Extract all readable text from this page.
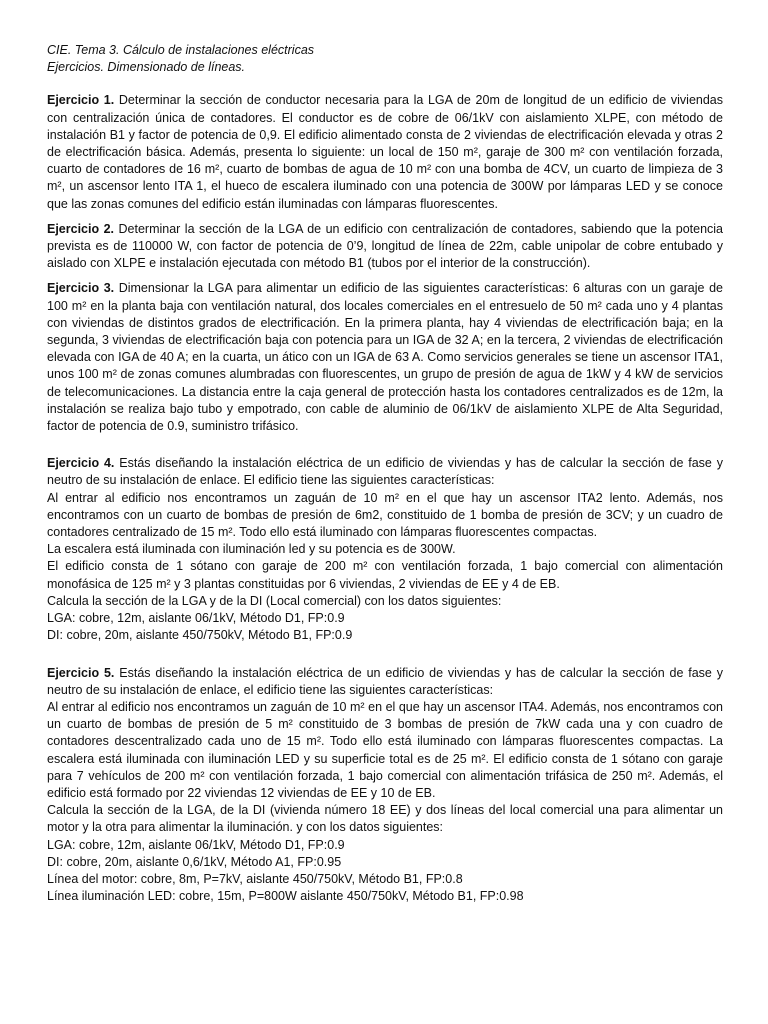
CIE. Tema 3. Cálculo de instalaciones eléctricas
Ejercicios. Dimensionado de líneas.

Ejercicio 1. Determinar la sección de conductor necesaria para la LGA de 20m de longitud de un edificio de viviendas con centralización única de contadores. El conductor es de cobre de 06/1kV con aislamiento XLPE, con método de instalación B1 y factor de potencia de 0,9. El edificio alimentado consta de 2 viviendas de electrificación elevada y otras 2 de electrificación básica. Además, presenta lo siguiente: un local de 150 m², garaje de 300 m² con ventilación forzada, cuarto de contadores de 16 m², cuarto de bombas de agua de 10 m² con una bomba de 4CV, un cuarto de limpieza de 3 m², un ascensor lento ITA 1, el hueco de escalera iluminado con una potencia de 300W por lámparas LED y se conoce que las zonas comunes del edificio están iluminadas con lámparas fluorescentes.

Ejercicio 2. Determinar la sección de la LGA de un edificio con centralización de contadores, sabiendo que la potencia prevista es de 110000 W, con factor de potencia de 0’9, longitud de línea de 22m, cable unipolar de cobre entubado y aislado con XLPE e instalación ejecutada con método B1 (tubos por el interior de la construcción).

Ejercicio 3. Dimensionar la LGA para alimentar un edificio de las siguientes características: 6 alturas con un garaje de 100 m² en la planta baja con ventilación natural, dos locales comerciales en el entresuelo de 50 m² cada uno y 4 plantas con viviendas de distintos grados de electrificación. En la primera planta, hay 4 viviendas de electrificación baja; en la segunda, 3 viviendas de electrificación baja con potencia para un IGA de 32 A; en la tercera, 2 viviendas de electrificación elevada con IGA de 40 A; en la cuarta, un ático con un IGA de 63 A. Como servicios generales se tiene un ascensor ITA1, unos 100 m² de zonas comunes alumbradas con fluorescentes, un grupo de presión de agua de 1kW y 4 kW de servicios de telecomunicaciones. La distancia entre la caja general de protección hasta los contadores centralizados es de 12m, la instalación se realiza bajo tubo y empotrado, con cable de aluminio de 06/1kV de aislamiento XLPE de Alta Seguridad, factor de potencia de 0.9, suministro trifásico.

Ejercicio 4. Estás diseñando la instalación eléctrica de un edificio de viviendas y has de calcular la sección de fase y neutro de su instalación de enlace. El edificio tiene las siguientes características:

Al entrar al edificio nos encontramos un zaguán de 10 m² en el que hay un ascensor ITA2 lento. Además, nos encontramos con un cuarto de bombas de presión de 6m2, constituido de 1 bomba de presión de 3CV; y un cuadro de contadores centralizado de 15 m². Todo ello está iluminado con lámparas fluorescentes compactas.

La escalera está iluminada con iluminación led y su potencia es de 300W.

El edificio consta de 1 sótano con garaje de 200 m² con ventilación forzada, 1 bajo comercial con alimentación monofásica de 125 m² y 3 plantas constituidas por 6 viviendas, 2 viviendas de EE y 4 de EB.

Calcula la sección de la LGA y de la DI (Local comercial) con los datos siguientes:

LGA: cobre, 12m, aislante 06/1kV, Método D1, FP:0.9
DI: cobre, 20m, aislante 450/750kV, Método B1, FP:0.9

Ejercicio 5. Estás diseñando la instalación eléctrica de un edificio de viviendas y has de calcular la sección de fase y neutro de su instalación de enlace, el edificio tiene las siguientes características:

Al entrar al edificio nos encontramos un zaguán de 10 m² en el que hay un ascensor ITA4. Además, nos encontramos con un cuarto de bombas de presión de 5 m² constituido de 3 bombas de presión de 7kW cada una y con cuadro de contadores descentralizado cada uno de 15 m². Todo ello está iluminado con lámparas fluorescentes compactas. La escalera está iluminada con iluminación LED y su superficie total es de 25 m². El edificio consta de 1 sótano con garaje para 7 vehículos de 200 m² con ventilación forzada, 1 bajo comercial con alimentación trifásica de 250 m². Además, el edificio está formado por 22 viviendas 12 viviendas de EE y 10 de EB.

Calcula la sección de la LGA, de la DI (vivienda número 18 EE) y dos líneas del local comercial una para alimentar un motor y la otra para alimentar la iluminación. y con los datos siguientes:

LGA: cobre, 12m, aislante 06/1kV, Método D1, FP:0.9
DI: cobre, 20m, aislante 0,6/1kV, Método A1, FP:0.95
Línea del motor: cobre, 8m, P=7kV, aislante 450/750kV, Método B1, FP:0.8
Línea iluminación LED: cobre, 15m, P=800W aislante 450/750kV, Método B1, FP:0.98
